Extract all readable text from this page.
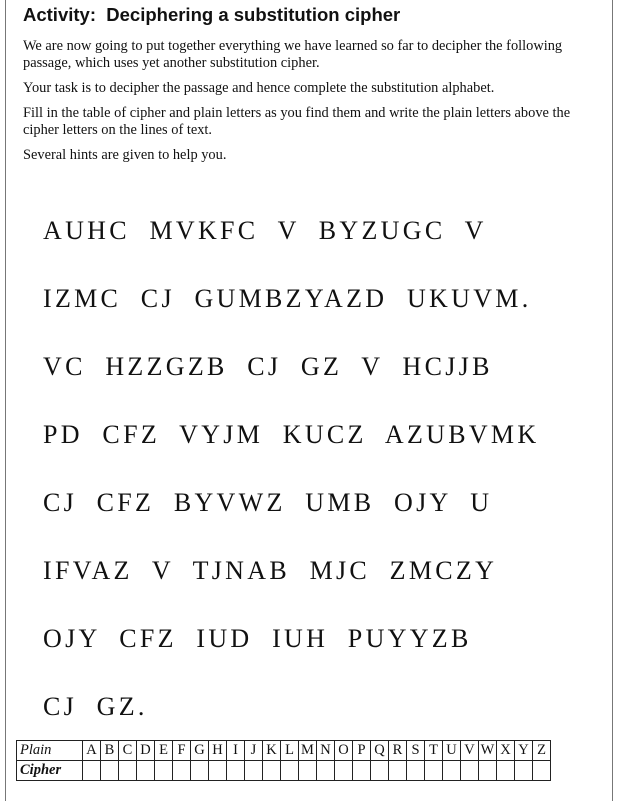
Activity:  Deciphering a substitution cipher

We are now going to put together everything we have learned so far to decipher the following passage, which uses yet another substitution cipher.

Your task is to decipher the passage and hence complete the substitution alphabet.

Fill in the table of cipher and plain letters as you find them and write the plain letters above the cipher letters on the lines of text.

Several hints are given to help you.

AUHC  MVKFC  V  BYZUGC  V
IZMC  CJ  GUMBZYAZD  UKUVM.
VC  HZZGZB  CJ  GZ  V  HCJJB
PD  CFZ  VYJM  KUCZ  AZUBVMK
CJ  CFZ  BYVWZ  UMB  OJY  U
IFVAZ  V  TJNAB  MJC  ZMCZY
OJY  CFZ  IUD  IUH  PUYYZB
CJ  GZ.
Plain	A	B	C	D	E	F	G	H	I	J	K	L	M	N	O	P	Q	R	S	T	U	V	W	X	Y	Z
Cipher																										
